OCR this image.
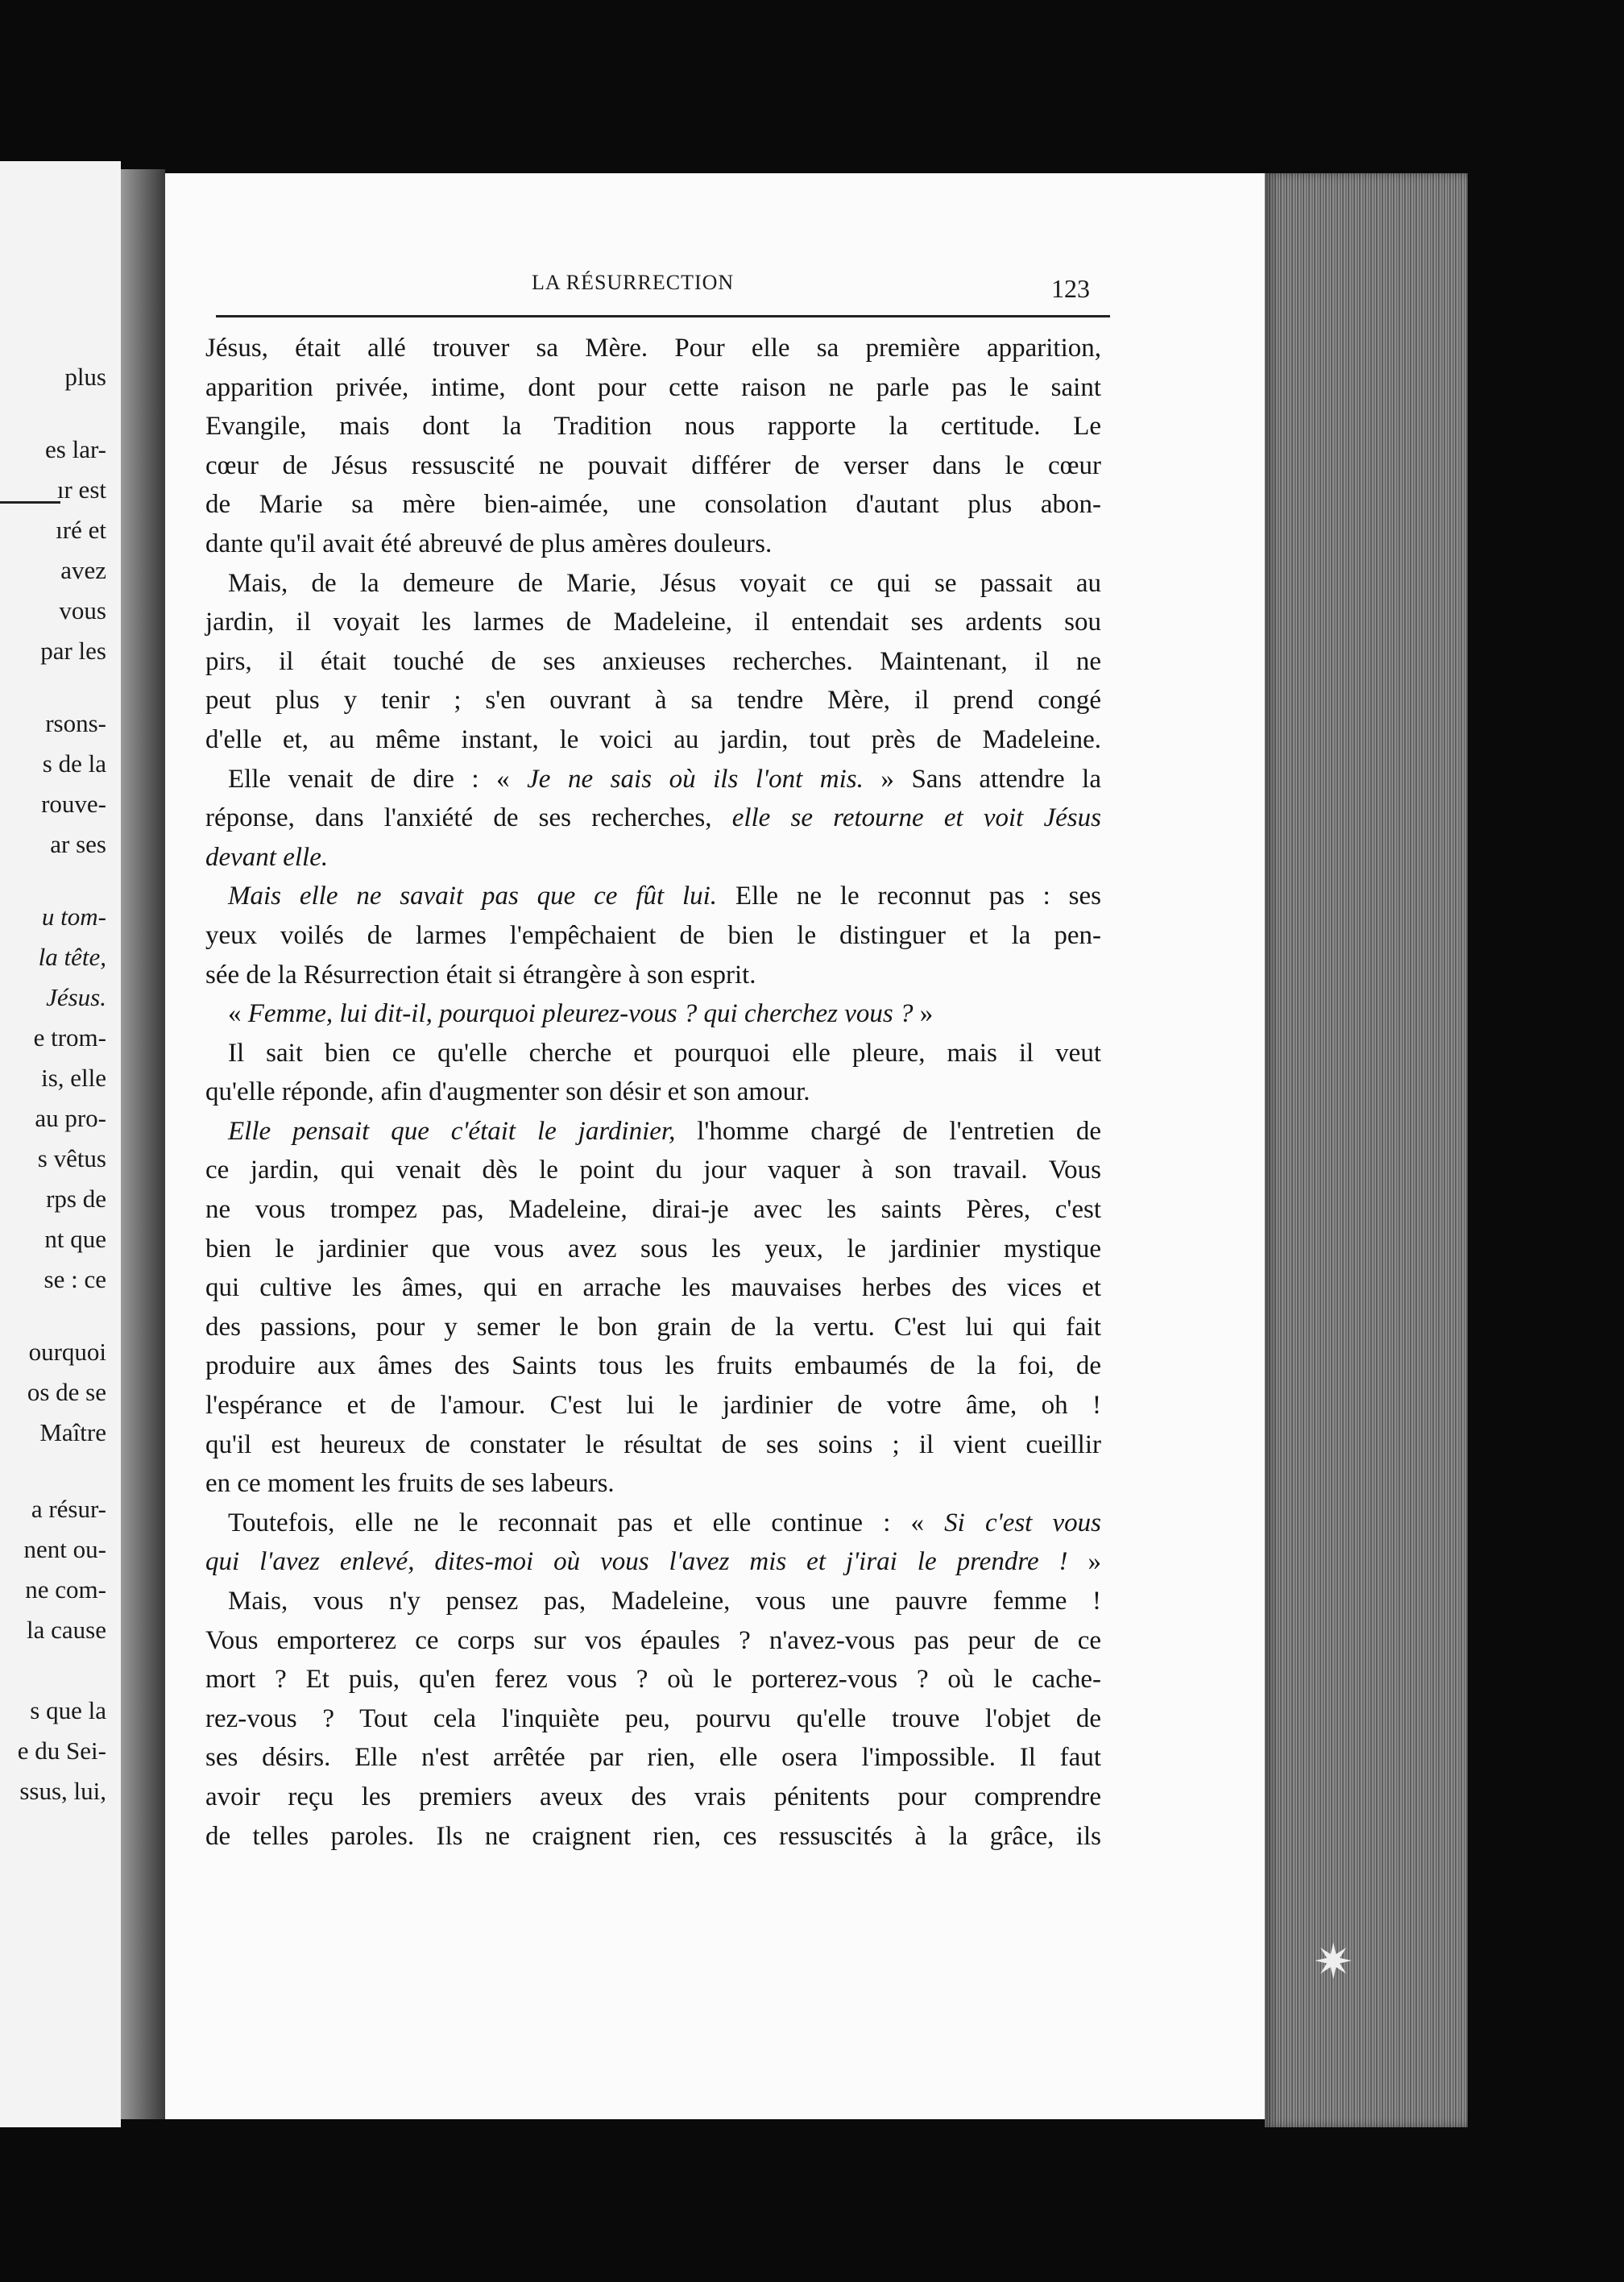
plus
es lar-
ır est
ıré et
avez
vous
par les
rsons-
s de la
rouve-
ar ses
u tom-
la tête,
Jésus.
e trom-
is, elle
au pro-
s vêtus
rps de
nt que
se : ce
ourquoi
os de se
Maître
a résur-
nent ou-
ne com-
la cause
s que la
e du Sei-
ssus, lui,
✷
LA RÉSURRECTION	123
Jésus, était allé trouver sa Mère. Pour elle sa première apparition,
apparition privée, intime, dont pour cette raison ne parle pas le saint
Evangile, mais dont la Tradition nous rapporte la certitude. Le
cœur de Jésus ressuscité ne pouvait différer de verser dans le cœur
de Marie sa mère bien-aimée, une consolation d'autant plus abon-
dante qu'il avait été abreuvé de plus amères douleurs.
Mais, de la demeure de Marie, Jésus voyait ce qui se passait au
jardin, il voyait les larmes de Madeleine, il entendait ses ardents sou
pirs, il était touché de ses anxieuses recherches. Maintenant, il ne
peut plus y tenir ; s'en ouvrant à sa tendre Mère, il prend congé
d'elle et, au même instant, le voici au jardin, tout près de Madeleine.
Elle venait de dire : « Je ne sais où ils l'ont mis. » Sans attendre la
réponse, dans l'anxiété de ses recherches, elle se retourne et voit Jésus
devant elle.
Mais elle ne savait pas que ce fût lui. Elle ne le reconnut pas : ses
yeux voilés de larmes l'empêchaient de bien le distinguer et la pen-
sée de la Résurrection était si étrangère à son esprit.
« Femme, lui dit-il, pourquoi pleurez-vous ? qui cherchez vous ? »
Il sait bien ce qu'elle cherche et pourquoi elle pleure, mais il veut
qu'elle réponde, afin d'augmenter son désir et son amour.
Elle pensait que c'était le jardinier, l'homme chargé de l'entretien de
ce jardin, qui venait dès le point du jour vaquer à son travail. Vous
ne vous trompez pas, Madeleine, dirai-je avec les saints Pères, c'est
bien le jardinier que vous avez sous les yeux, le jardinier mystique
qui cultive les âmes, qui en arrache les mauvaises herbes des vices et
des passions, pour y semer le bon grain de la vertu. C'est lui qui fait
produire aux âmes des Saints tous les fruits embaumés de la foi, de
l'espérance et de l'amour. C'est lui le jardinier de votre âme, oh !
qu'il est heureux de constater le résultat de ses soins ; il vient cueillir
en ce moment les fruits de ses labeurs.
Toutefois, elle ne le reconnait pas et elle continue : « Si c'est vous
qui l'avez enlevé, dites-moi où vous l'avez mis et j'irai le prendre ! »
Mais, vous n'y pensez pas, Madeleine, vous une pauvre femme !
Vous emporterez ce corps sur vos épaules ? n'avez-vous pas peur de ce
mort ? Et puis, qu'en ferez vous ? où le porterez-vous ? où le cache-
rez-vous ? Tout cela l'inquiète peu, pourvu qu'elle trouve l'objet de
ses désirs. Elle n'est arrêtée par rien, elle osera l'impossible. Il faut
avoir reçu les premiers aveux des vrais pénitents pour comprendre
de telles paroles. Ils ne craignent rien, ces ressuscités à la grâce, ils
